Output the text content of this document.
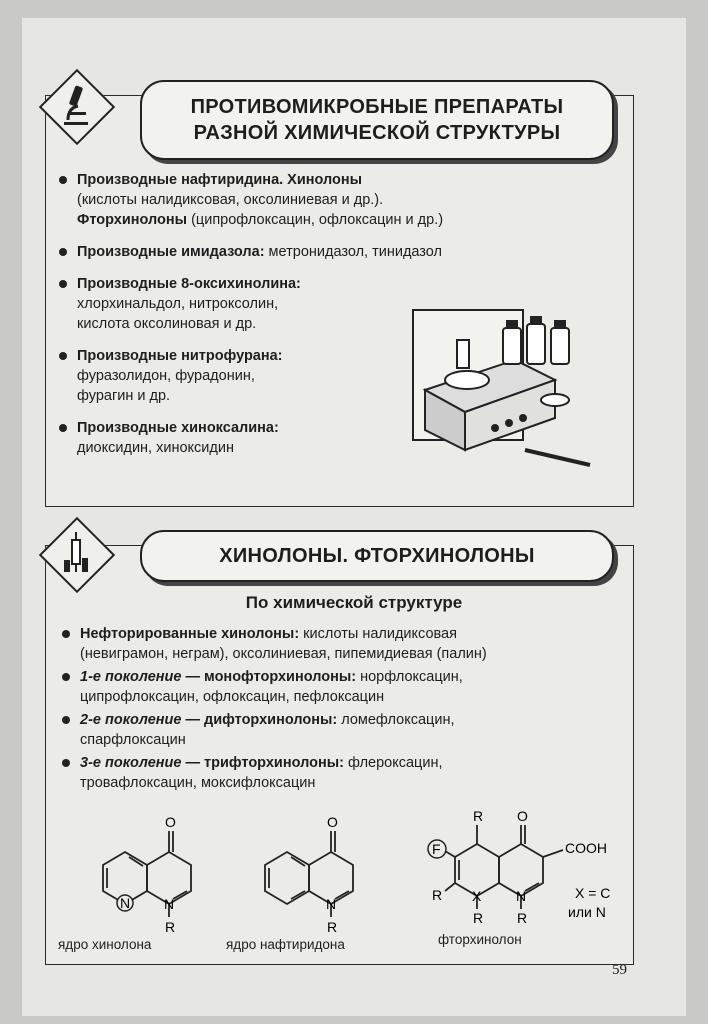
ПРОТИВОМИКРОБНЫЕ ПРЕПАРАТЫ
РАЗНОЙ ХИМИЧЕСКОЙ СТРУКТУРЫ
Производные нафтиридина. Хинолоны
(кислоты налидиксовая, оксолиниевая и др.).
Фторхинолоны (ципрофлоксацин, офлоксацин и др.)
Производные имидазола: метронидазол, тинидазол
Производные 8-оксихинолина:
хлорхинальдол, нитроксолин,
кислота оксолиновая и др.
Производные нитрофурана:
фуразолидон, фурадонин,
фурагин и др.
Производные хиноксалина:
диоксидин, хиноксидин
ХИНОЛОНЫ. ФТОРХИНОЛОНЫ
По химической структуре
Нефторированные хинолоны: кислоты налидиксовая
(невиграмон, неграм), оксолиниевая, пипемидиевая (палин)
1-е поколение — монофторхинолоны: норфлоксацин,
ципрофлоксацин, офлоксацин, пефлоксацин
2-е поколение — дифторхинолоны: ломефлоксацин,
спарфлоксацин
3-е поколение — трифторхинолоны: флероксацин,
тровафлоксацин, моксифлоксацин
O
N N
R
O
N
R
F
O
R
R X N
R R
COOH
X = C
или N
ядро хинолона	ядро нафтиридона	фторхинолон
59
